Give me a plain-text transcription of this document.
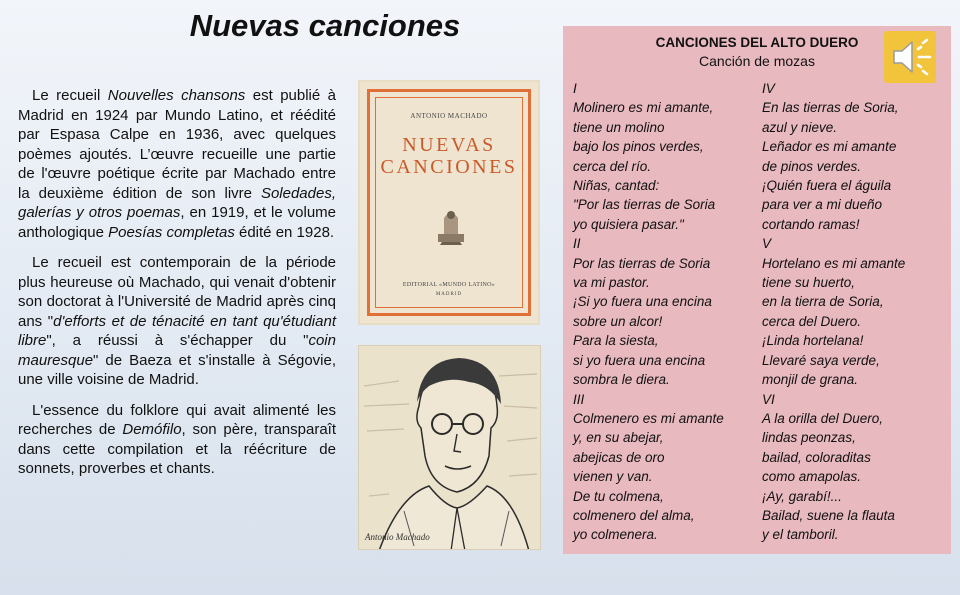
Nuevas canciones

Le recueil Nouvelles chansons est publié à Madrid en 1924 par Mundo Latino, et réédité par Espasa Calpe en 1936, avec quelques poèmes ajoutés. L’œuvre recueille une partie de l'œuvre poétique écrite par Machado entre la deuxième édition de son livre Soledades, galerías y otros poemas, en 1919, et le volume anthologique Poesías completas édité en 1928.

Le recueil est contemporain de la période plus heureuse où Machado, qui venait d'obtenir son doctorat à l'Université de Madrid après cinq ans "d'efforts et de ténacité en tant qu'étudiant libre", a réussi à s'échapper du "coin mauresque" de Baeza et s'installe à Ségovie, une ville voisine de Madrid.

L'essence du folklore qui avait alimenté les recherches de Demófilo, son père, transparaît dans cette compilation et la réécriture de sonnets, proverbes et chants.

ANTONIO MACHADO
NUEVAS
CANCIONES
EDITORIAL «MUNDO LATINO»
MADRID
Antonio Machado
CANCIONES DEL ALTO DUERO
Canción de mozas
I
Molinero es mi amante,
tiene un molino
bajo los pinos verdes,
cerca del río.
Niñas, cantad:
"Por las tierras de Soria
yo quisiera pasar."
II
Por las tierras de Soria
va mi pastor.
¡Si yo fuera una encina
sobre un alcor!
Para la siesta,
si yo fuera una encina
sombra le diera.
III
Colmenero es mi amante
y, en su abejar,
abejicas de oro
vienen y van.
De tu colmena,
colmenero del alma,
yo colmenera.
IV
En las tierras de Soria,
azul y nieve.
Leñador es mi amante
de pinos verdes.
¡Quién fuera el águila
para ver a mi dueño
cortando ramas!
V
Hortelano es mi amante
tiene su huerto,
en la tierra de Soria,
cerca del Duero.
¡Linda hortelana!
Llevaré saya verde,
monjil de grana.
VI
A la orilla del Duero,
lindas peonzas,
bailad, coloraditas
como amapolas.
¡Ay, garabí!...
Bailad, suene la flauta
y el tamboril.
